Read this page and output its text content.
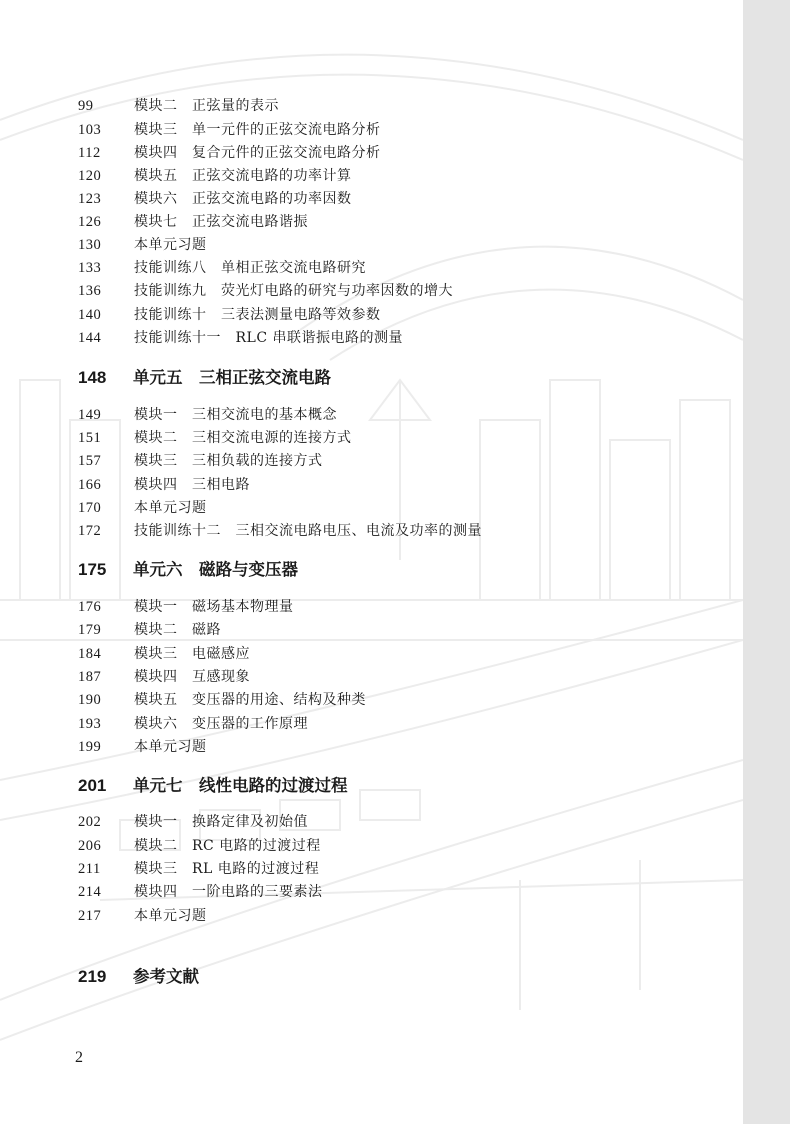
99	模块二　正弦量的表示
103 模块三　单一元件的正弦交流电路分析
112 模块四　复合元件的正弦交流电路分析
120 模块五　正弦交流电路的功率计算
123 模块六　正弦交流电路的功率因数
126 模块七　正弦交流电路谐振
130 本单元习题
133 技能训练八　单相正弦交流电路研究
136 技能训练九　荧光灯电路的研究与功率因数的增大
140 技能训练十　三表法测量电路等效参数
144 技能训练十一　RLC 串联谐振电路的测量
148 单元五　三相正弦交流电路
149 模块一　三相交流电的基本概念
151 模块二　三相交流电源的连接方式
157 模块三　三相负载的连接方式
166 模块四　三相电路
170 本单元习题
172 技能训练十二　三相交流电路电压、电流及功率的测量
175 单元六　磁路与变压器
176 模块一　磁场基本物理量
179 模块二　磁路
184 模块三　电磁感应
187 模块四　互感现象
190 模块五　变压器的用途、结构及种类
193 模块六　变压器的工作原理
199 本单元习题
201 单元七　线性电路的过渡过程
202 模块一　换路定律及初始值
206 模块二　RC 电路的过渡过程
211 模块三　RL 电路的过渡过程
214 模块四　一阶电路的三要素法
217 本单元习题
219 参考文献
2
